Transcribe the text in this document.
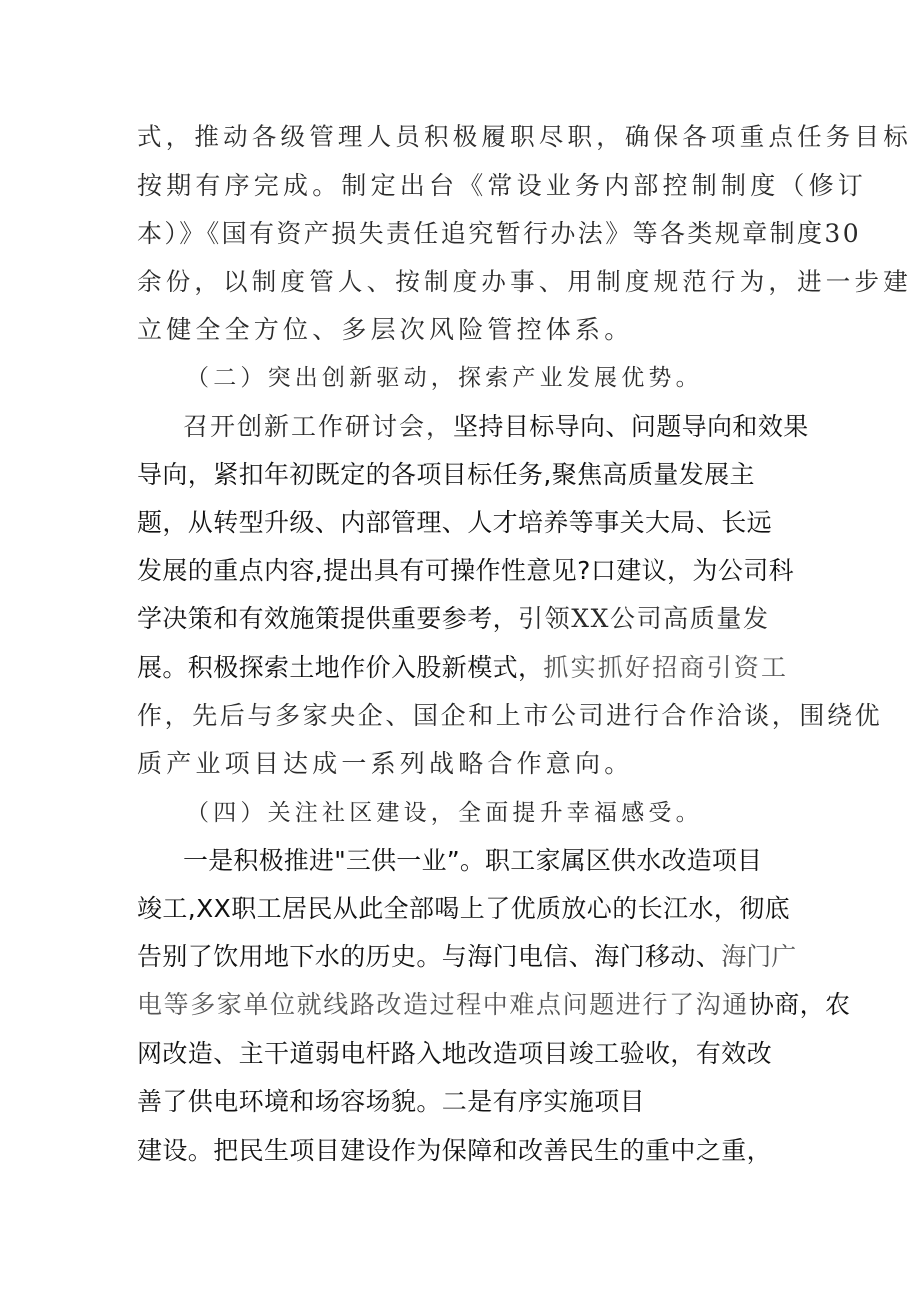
式，推动各级管理人员积极履职尽职，确保各项重点任务目标
按期有序完成。制定出台《常设业务内部控制制度（修订
本）》《国有资产损失责任追究暂行办法》等各类规章制度30
余份，以制度管人、按制度办事、用制度规范行为，进一步建
立健全全方位、多层次风险管控体系。
（二）突出创新驱动，探索产业发展优势。
召开创新工作研讨会，坚持目标导向、问题导向和效果
导向，紧扣年初既定的各项目标任务,聚焦高质量发展主
题，从转型升级、内部管理、人才培养等事关大局、长远
发展的重点内容,提出具有可操作性意见?口建议，为公司科
学决策和有效施策提供重要参考，引领XX公司高质量发
展。积极探索土地作价入股新模式，抓实抓好招商引资工
作，先后与多家央企、国企和上市公司进行合作洽谈，围绕优
质产业项目达成一系列战略合作意向。
（四）关注社区建设，全面提升幸福感受。
一是积极推进"三供一业”。职工家属区供水改造项目
竣工,XX职工居民从此全部喝上了优质放心的长江水，彻底
告别了饮用地下水的历史。与海门电信、海门移动、海门广
电等多家单位就线路改造过程中难点问题进行了沟通协商，农
网改造、主干道弱电杆路入地改造项目竣工验收，有效改
善了供电环境和场容场貌。二是有序实施项目
建设。把民生项目建设作为保障和改善民生的重中之重，
